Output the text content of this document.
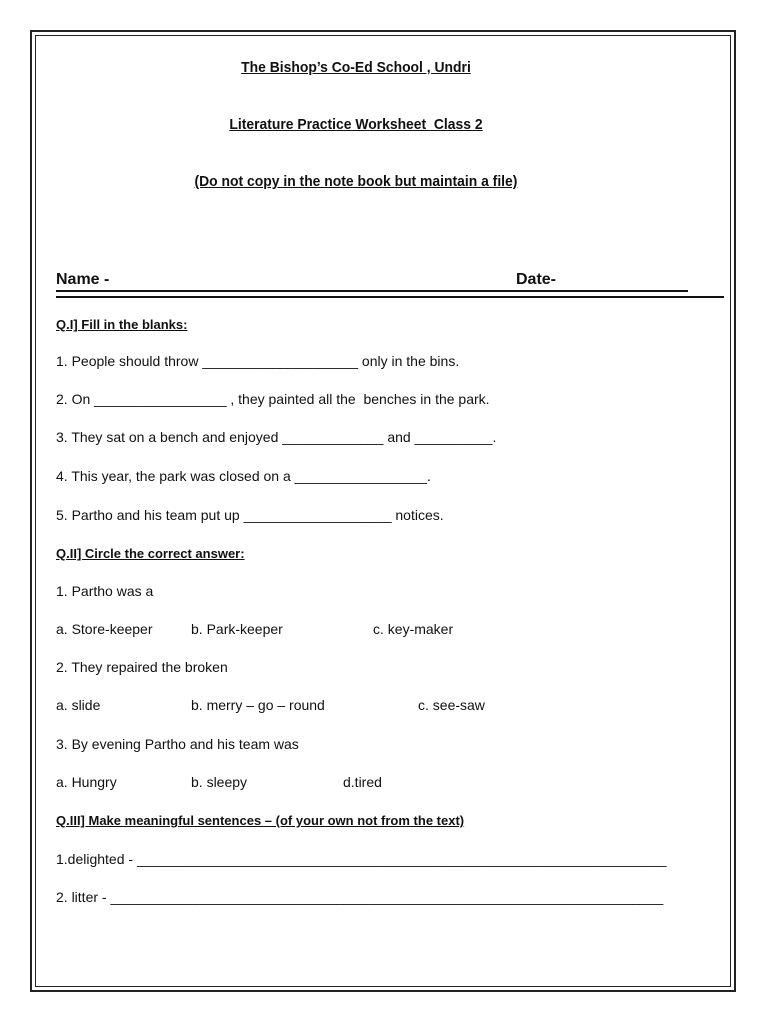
The Bishop’s Co-Ed School , Undri
Literature Practice Worksheet  Class 2
(Do not copy in the note book but maintain a file)
Name -	Date-
Q.I] Fill in the blanks:
1. People should throw ____________________ only in the bins.
2. On _________________ , they painted all the  benches in the park.
3. They sat on a bench and enjoyed _____________ and __________.
4. This year, the park was closed on a _________________.
5. Partho and his team put up ___________________ notices.
Q.II] Circle the correct answer:
1. Partho was a
a. Store-keeper	b. Park-keeper	c. key-maker
2. They repaired the broken
a. slide	b. merry – go – round	c. see-saw
3. By evening Partho and his team was
a. Hungry	b. sleepy	d.tired
Q.III] Make meaningful sentences – (of your own not from the text)
1.delighted - ____________________________________________________________________
2. litter - _______________________________________________________________________
